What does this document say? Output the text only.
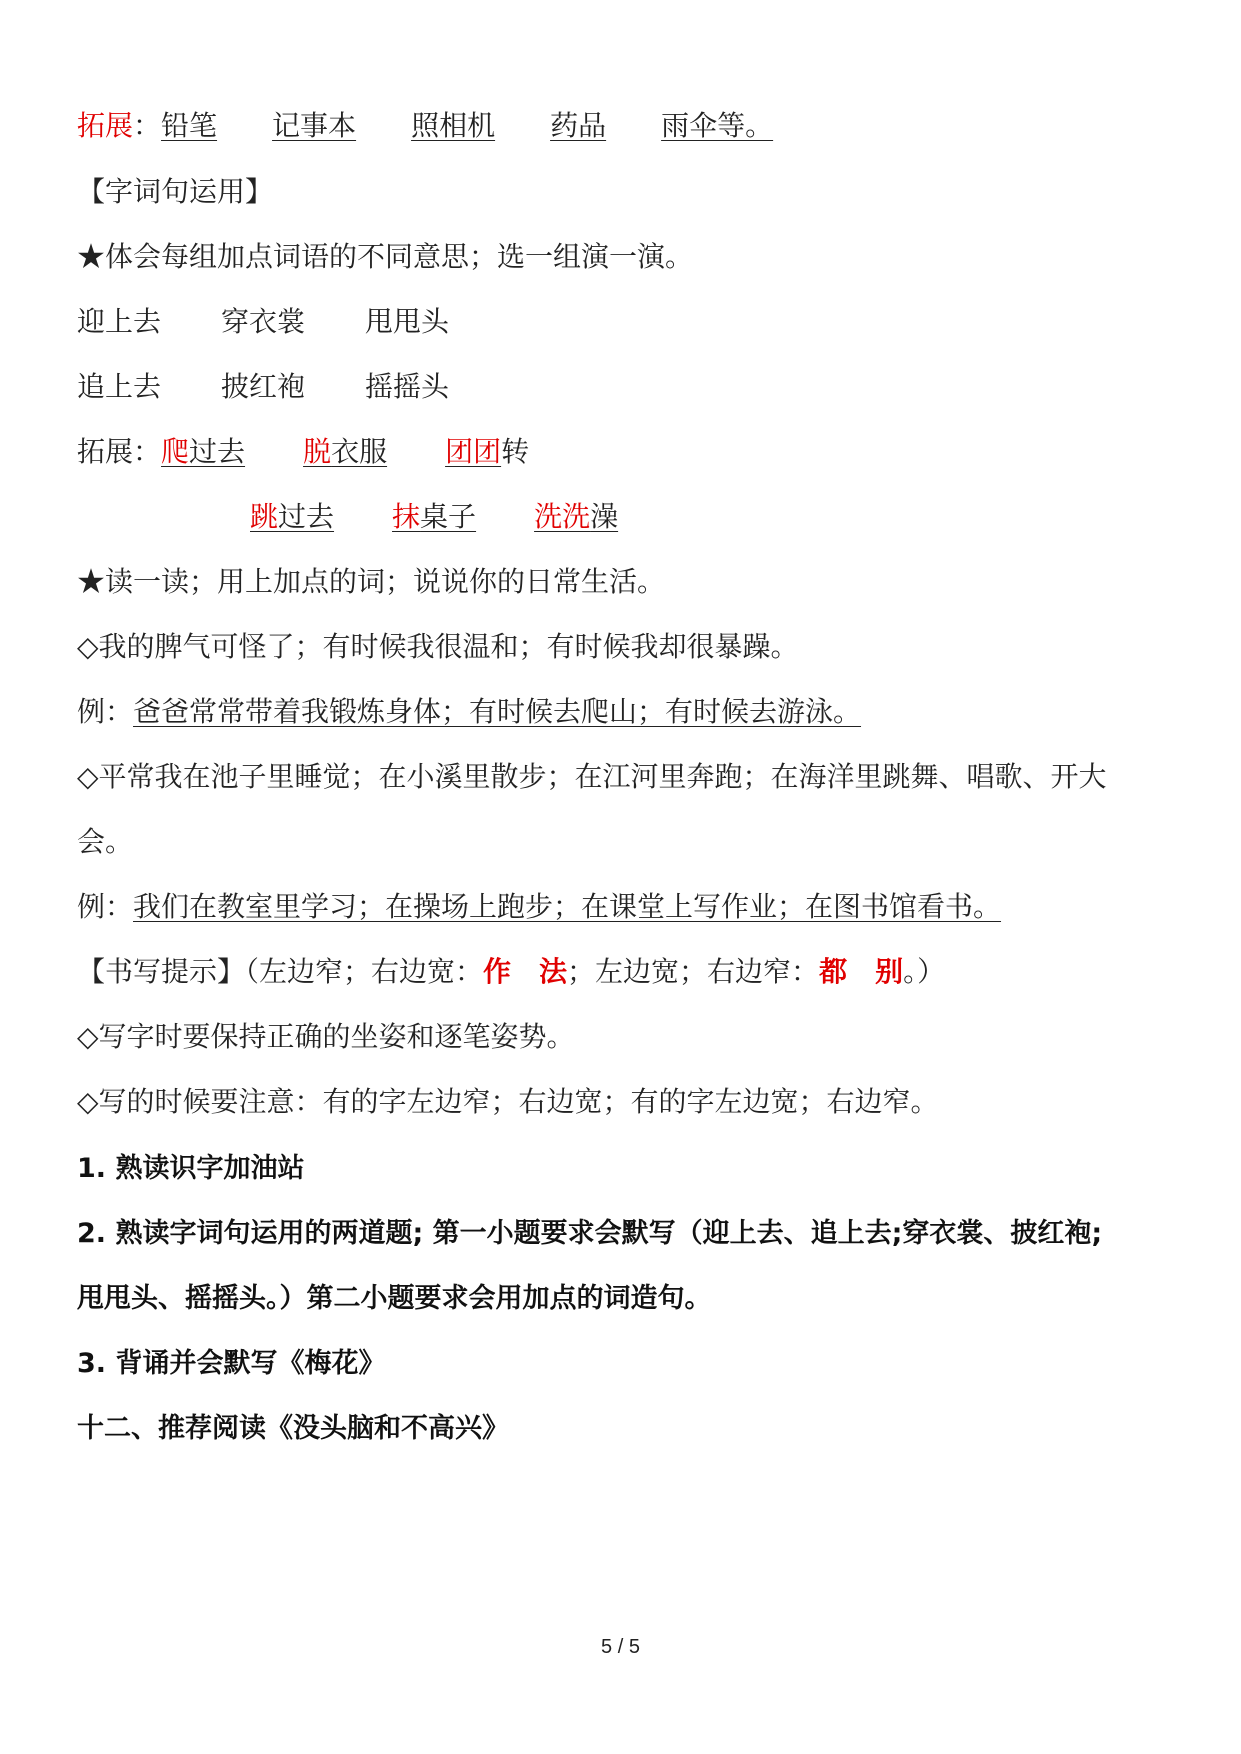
拓展：铅笔 记事本 照相机 药品 雨伞等。
【字词句运用】
★体会每组加点词语的不同意思；选一组演一演。
迎上去 穿衣裳 甩甩头
追上去 披红袍 摇摇头
拓展：爬过去 脱衣服 团团转
跳过去 抹桌子 洗洗澡
★读一读；用上加点的词；说说你的日常生活。
◇我的脾气可怪了；有时候我很温和；有时候我却很暴躁。
例：爸爸常常带着我锻炼身体；有时候去爬山；有时候去游泳。
◇平常我在池子里睡觉；在小溪里散步；在江河里奔跑；在海洋里跳舞、唱歌、开大
会。
例：我们在教室里学习；在操场上跑步；在课堂上写作业；在图书馆看书。
【书写提示】（左边窄；右边宽：作　法；左边宽；右边窄：都　别。）
◇写字时要保持正确的坐姿和逐笔姿势。
◇写的时候要注意：有的字左边窄；右边宽；有的字左边宽；右边窄。
1. 熟读识字加油站
2. 熟读字词句运用的两道题; 第一小题要求会默写（迎上去、追上去;穿衣裳、披红袍;
甩甩头、摇摇头。）第二小题要求会用加点的词造句。
3. 背诵并会默写《梅花》
十二、推荐阅读《没头脑和不高兴》
5 / 5
